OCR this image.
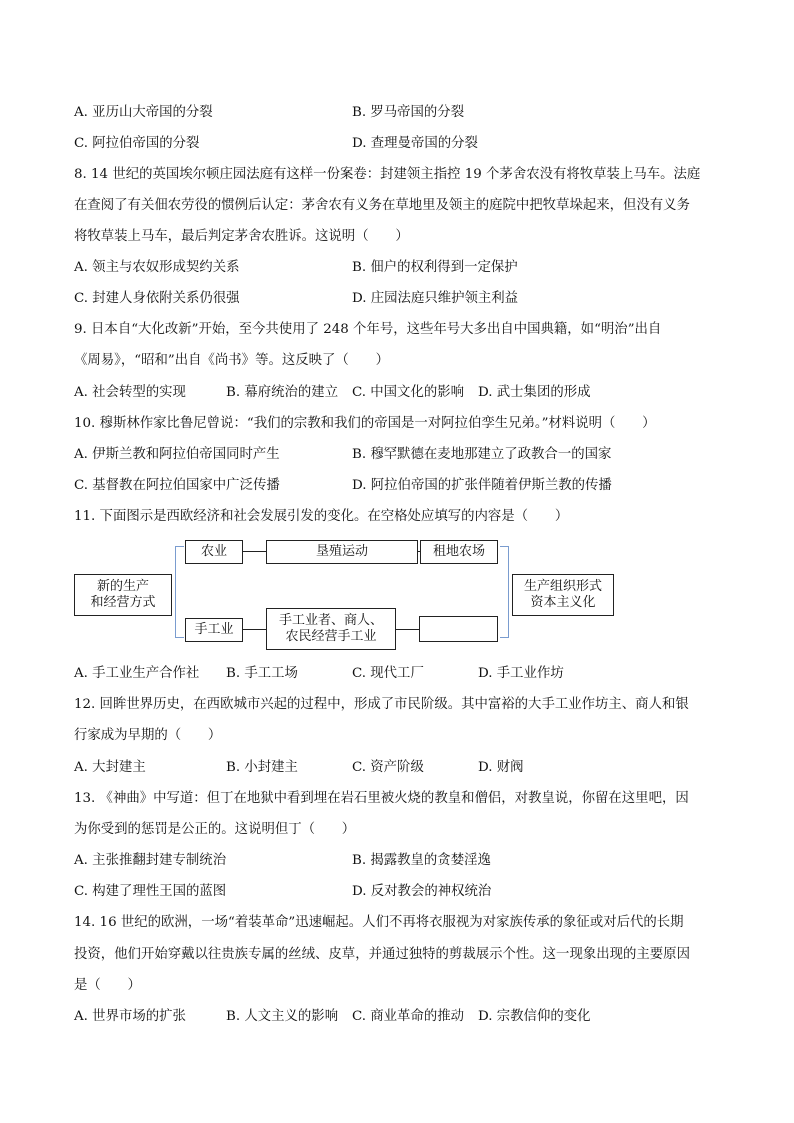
A. 亚历山大帝国的分裂	B. 罗马帝国的分裂
C. 阿拉伯帝国的分裂	D. 查理曼帝国的分裂
8. 14 世纪的英国埃尔顿庄园法庭有这样一份案卷：封建领主指控 19 个茅舍农没有将牧草装上马车。法庭
在查阅了有关佃农劳役的惯例后认定：茅舍农有义务在草地里及领主的庭院中把牧草垛起来，但没有义务
将牧草装上马车，最后判定茅舍农胜诉。这说明（　　）
A. 领主与农奴形成契约关系	B. 佃户的权利得到一定保护
C. 封建人身依附关系仍很强	D. 庄园法庭只维护领主利益
9. 日本自“大化改新”开始，至今共使用了 248 个年号，这些年号大多出自中国典籍，如“明治”出自
《周易》，“昭和”出自《尚书》等。这反映了（　　）
A. 社会转型的实现	B. 幕府统治的建立 C. 中国文化的影响 D. 武士集团的形成
10. 穆斯林作家比鲁尼曾说：“我们的宗教和我们的帝国是一对阿拉伯孪生兄弟。”材料说明（　　）
A. 伊斯兰教和阿拉伯帝国同时产生	B. 穆罕默德在麦地那建立了政教合一的国家
C. 基督教在阿拉伯国家中广泛传播	D. 阿拉伯帝国的扩张伴随着伊斯兰教的传播
11. 下面图示是西欧经济和社会发展引发的变化。在空格处应填写的内容是（　　）
新的生产
和经营方式
农业	垦殖运动	租地农场
手工业
手工业者、商人、
农民经营手工业
生产组织形式
资本主义化
A. 手工业生产合作社 B. 手工工场	C. 现代工厂	D. 手工业作坊
12. 回眸世界历史，在西欧城市兴起的过程中，形成了市民阶级。其中富裕的大手工业作坊主、商人和银
行家成为早期的（　　）
A. 大封建主	B. 小封建主	C. 资产阶级	D. 财阀
13. 《神曲》中写道：但丁在地狱中看到埋在岩石里被火烧的教皇和僧侣，对教皇说，你留在这里吧，因
为你受到的惩罚是公正的。这说明但丁（　　）
A. 主张推翻封建专制统治	B. 揭露教皇的贪婪淫逸
C. 构建了理性王国的蓝图	D. 反对教会的神权统治
14. 16 世纪的欧洲，一场“着装革命”迅速崛起。人们不再将衣服视为对家族传承的象征或对后代的长期
投资，他们开始穿戴以往贵族专属的丝绒、皮草，并通过独特的剪裁展示个性。这一现象出现的主要原因
是（　　）
A. 世界市场的扩张	B. 人文主义的影响 C. 商业革命的推动 D. 宗教信仰的变化
